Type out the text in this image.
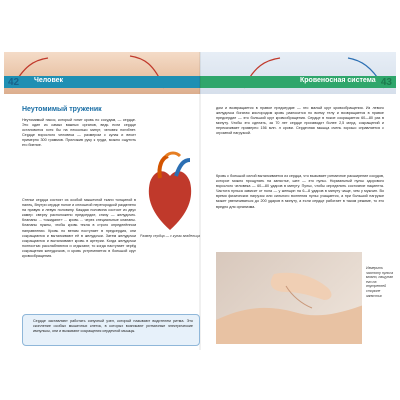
42 Человек	Кровеносная система 43
Неутомимый труженик

Неутомимый насос, который гонит кровь по сосудам, — сердце. Это один из самых важных органов, ведь если сердце остановится хотя бы на несколько минут, человек погибнет. Сердце взрослого человека — размером с кулак и весит примерно 300 граммов. Приложив руку к груди, можно ощутить его биение.

Стенки сердца состоят из особой мышечной ткани толщиной в палец. Внутри сердце полое и сплошной перегородкой разделено на правую и левую половину. Каждая половина состоит из двух камер: сверху расположено предсердие, снизу — желудочек. Клапаны ... «ожидают» ... кровь ... через специальные клапаны. Клапаны нужны, чтобы кровь текла в строго определённом направлении. Кровь по венам поступает в предсердия, они сокращаются и выталкивают её в желудочки. Затем желудочки сокращаются и выталкивают кровь в артерии. Когда желудочки полностью расслабляются и отдыхают, то когда наступает черёд сокращения желудочков, и кровь устремляется в большой круг кровообращения.

Размер сердца — с кулак владельца

Сердце заставляют работать синусный узел, который называют водителем ритма. Это скопление особых мышечных клеток, в которых возникают ритмичные электрические импульсы, они и вызывают сокращения сердечной мышцы.

дом и возвращается в правое предсердие — это малый круг кровообращения. Из левого желудочка богатая кислородом кровь разносится по всему телу и возвращается в правое предсердие — это большой круг кровообращения. Сердце в покое сокращается 60—80 раз в минуту. Чтобы это сделать, за 70 лет сердце производит более 2,5 млрд. сокращений и перекачивает примерно 156 млн. л крови. Сердечная мышца очень хорошо справляется с огромной нагрузкой.

Кровь с большой силой выталкивается из сердца, что вызывает ритмичное расширение сосудов, которое можно прощупать на запястье, шее — это пульс. Нормальный пульс здорового взрослого человека — 60—80 ударов в минуту. Пульс, чтобы определить состояние пациента. Частота пульса зависит от пола — у женщин на 6—8 ударов в минуту чаще, чем у мужчин. Во время физических нагрузок или сильного волнения пульс учащается, а при большой нагрузке может увеличиваться до 200 ударов в минуту, а если сердце работает в таком режиме, то это вредно для организма.

Измерить частоту пульса можно, нащупав его на внутренней стороне запястья
